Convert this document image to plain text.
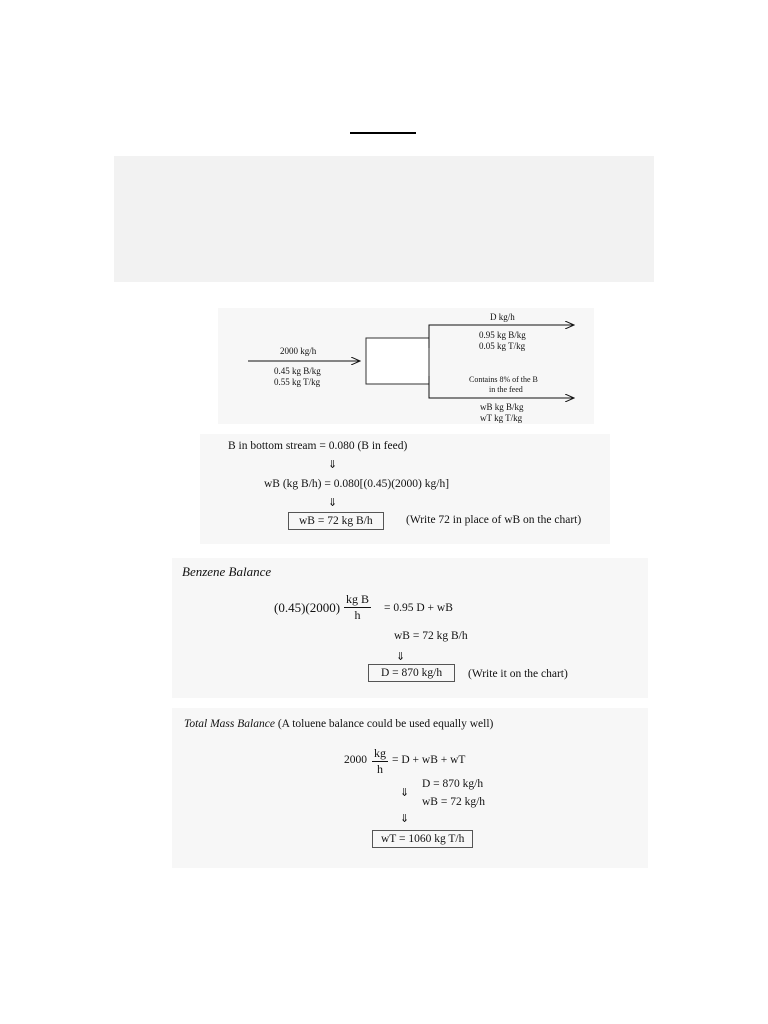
2000 kg/h
0.45 kg B/kg
0.55 kg T/kg
D kg/h
0.95 kg B/kg
0.05 kg T/kg
Contains 8% of the B
in the feed
wB kg B/kg
wT kg T/kg
B in bottom stream = 0.080 (B in feed)
⇓
wB (kg B/h) = 0.080[(0.45)(2000) kg/h]
⇓
wB = 72 kg B/h	(Write 72 in place of wB on the chart)
Benzene Balance
$(0.45)(2000) \frac{\text{kg B}}{h} = 0.95$ D + wB
wB = 72 kg B/h
⇓
D = 870 kg/h	(Write it on the chart)
Total Mass Balance (A toluene balance could be used equally well)
$2000 \frac{kg}{h} = D$ + wB + wT
⇓
D = 870 kg/h
wB = 72 kg/h
⇓
wT = 1060 kg T/h
